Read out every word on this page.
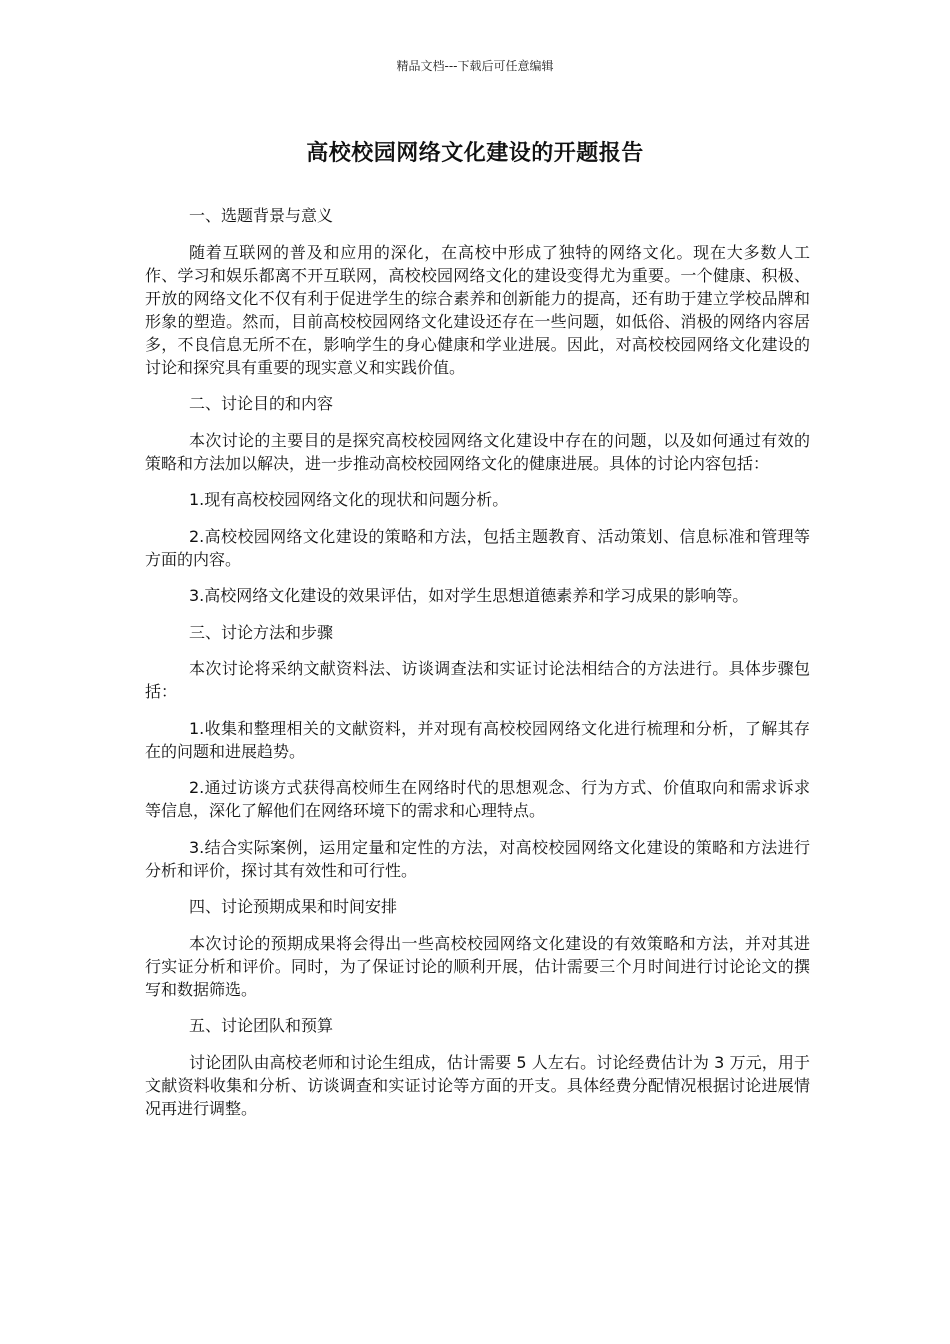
精品文档---下载后可任意编辑
高校校园网络文化建设的开题报告

一、选题背景与意义

随着互联网的普及和应用的深化，在高校中形成了独特的网络文化。现在大多数人工作、学习和娱乐都离不开互联网，高校校园网络文化的建设变得尤为重要。一个健康、积极、开放的网络文化不仅有利于促进学生的综合素养和创新能力的提高，还有助于建立学校品牌和形象的塑造。然而，目前高校校园网络文化建设还存在一些问题，如低俗、消极的网络内容居多，不良信息无所不在，影响学生的身心健康和学业进展。因此，对高校校园网络文化建设的讨论和探究具有重要的现实意义和实践价值。

二、讨论目的和内容

本次讨论的主要目的是探究高校校园网络文化建设中存在的问题，以及如何通过有效的策略和方法加以解决，进一步推动高校校园网络文化的健康进展。具体的讨论内容包括：

1.现有高校校园网络文化的现状和问题分析。

2.高校校园网络文化建设的策略和方法，包括主题教育、活动策划、信息标准和管理等方面的内容。

3.高校网络文化建设的效果评估，如对学生思想道德素养和学习成果的影响等。

三、讨论方法和步骤

本次讨论将采纳文献资料法、访谈调查法和实证讨论法相结合的方法进行。具体步骤包括：

1.收集和整理相关的文献资料，并对现有高校校园网络文化进行梳理和分析，了解其存在的问题和进展趋势。

2.通过访谈方式获得高校师生在网络时代的思想观念、行为方式、价值取向和需求诉求等信息，深化了解他们在网络环境下的需求和心理特点。

3.结合实际案例，运用定量和定性的方法，对高校校园网络文化建设的策略和方法进行分析和评价，探讨其有效性和可行性。

四、讨论预期成果和时间安排

本次讨论的预期成果将会得出一些高校校园网络文化建设的有效策略和方法，并对其进行实证分析和评价。同时，为了保证讨论的顺利开展，估计需要三个月时间进行讨论论文的撰写和数据筛选。

五、讨论团队和预算

讨论团队由高校老师和讨论生组成，估计需要 5 人左右。讨论经费估计为 3 万元，用于文献资料收集和分析、访谈调查和实证讨论等方面的开支。具体经费分配情况根据讨论进展情况再进行调整。
